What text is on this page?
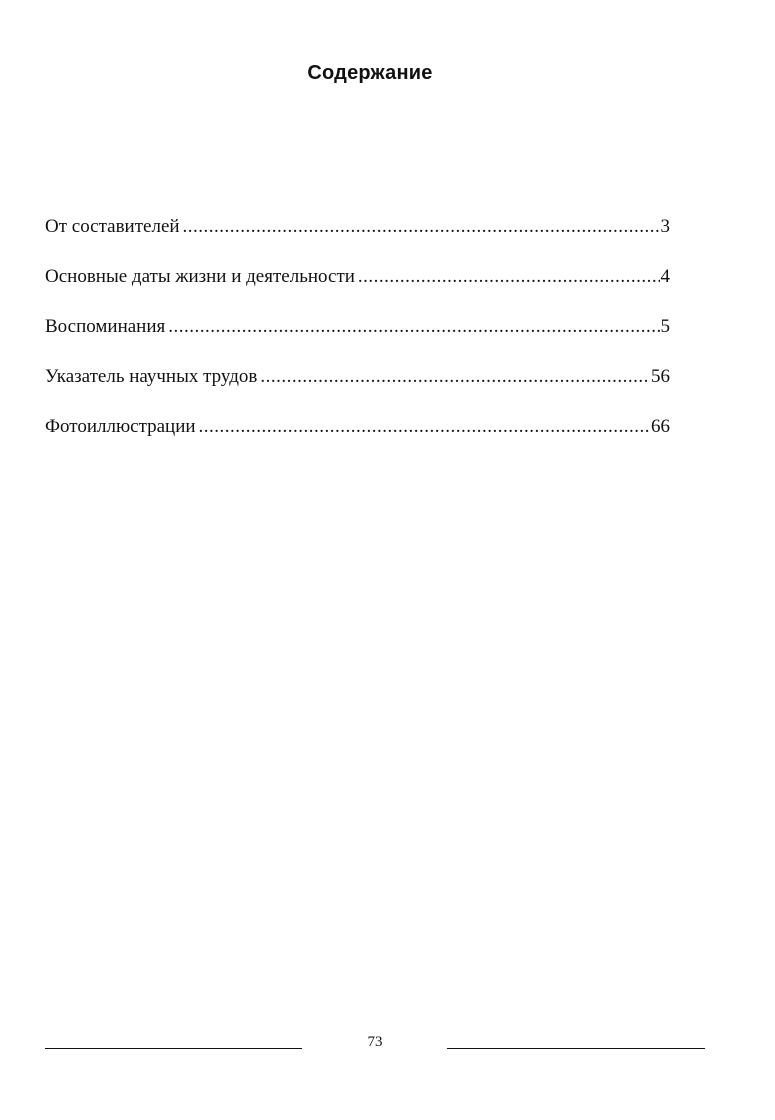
Содержание
От составителей .....	3
Основные даты жизни и деятельности .....	4
Воспоминания .....	5
Указатель научных трудов .....	56
Фотоиллюстрации .....	66
73
